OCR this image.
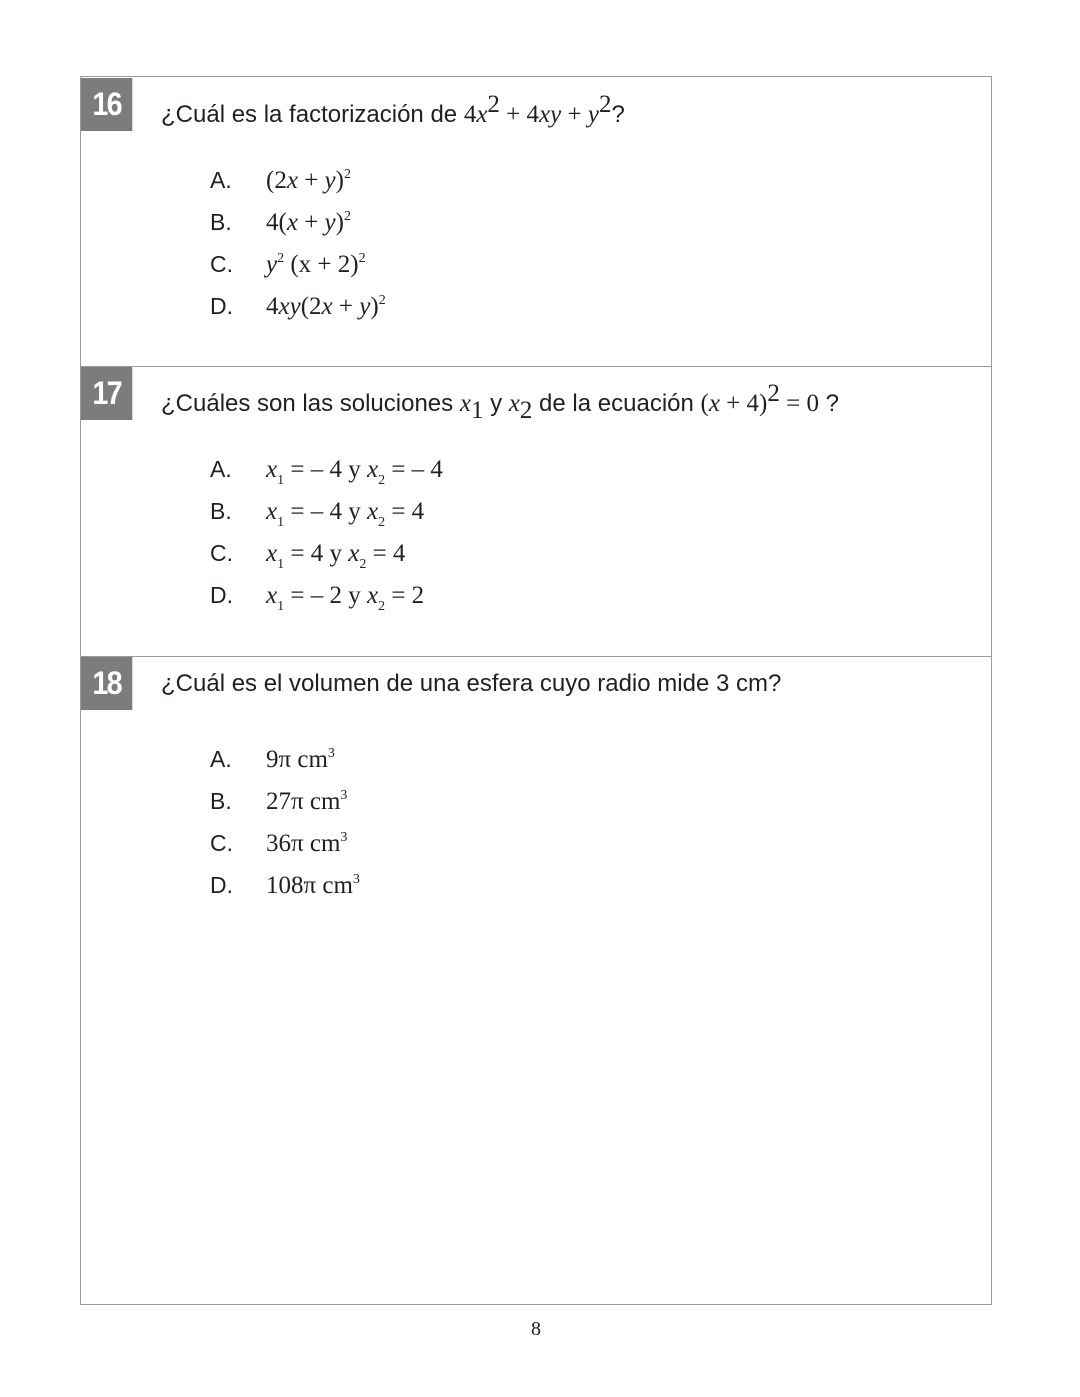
16	¿Cuál es la factorización de 4x2 + 4xy + y2?
A.	(2x + y)2
B.	4(x + y)2
C.	y2 (x + 2)2
D.	4xy(2x + y)2
17	¿Cuáles son las soluciones x1 y x2 de la ecuación (x + 4)2 = 0 ?
A.	x1 = – 4 y x2 = – 4
B.	x1 = – 4 y x2 = 4
C.	x1 = 4 y x2 = 4
D.	x1 = – 2 y x2 = 2
18	¿Cuál es el volumen de una esfera cuyo radio mide 3 cm?
A.	9π cm3
B.	27π cm3
C.	36π cm3
D.	108π cm3
8
